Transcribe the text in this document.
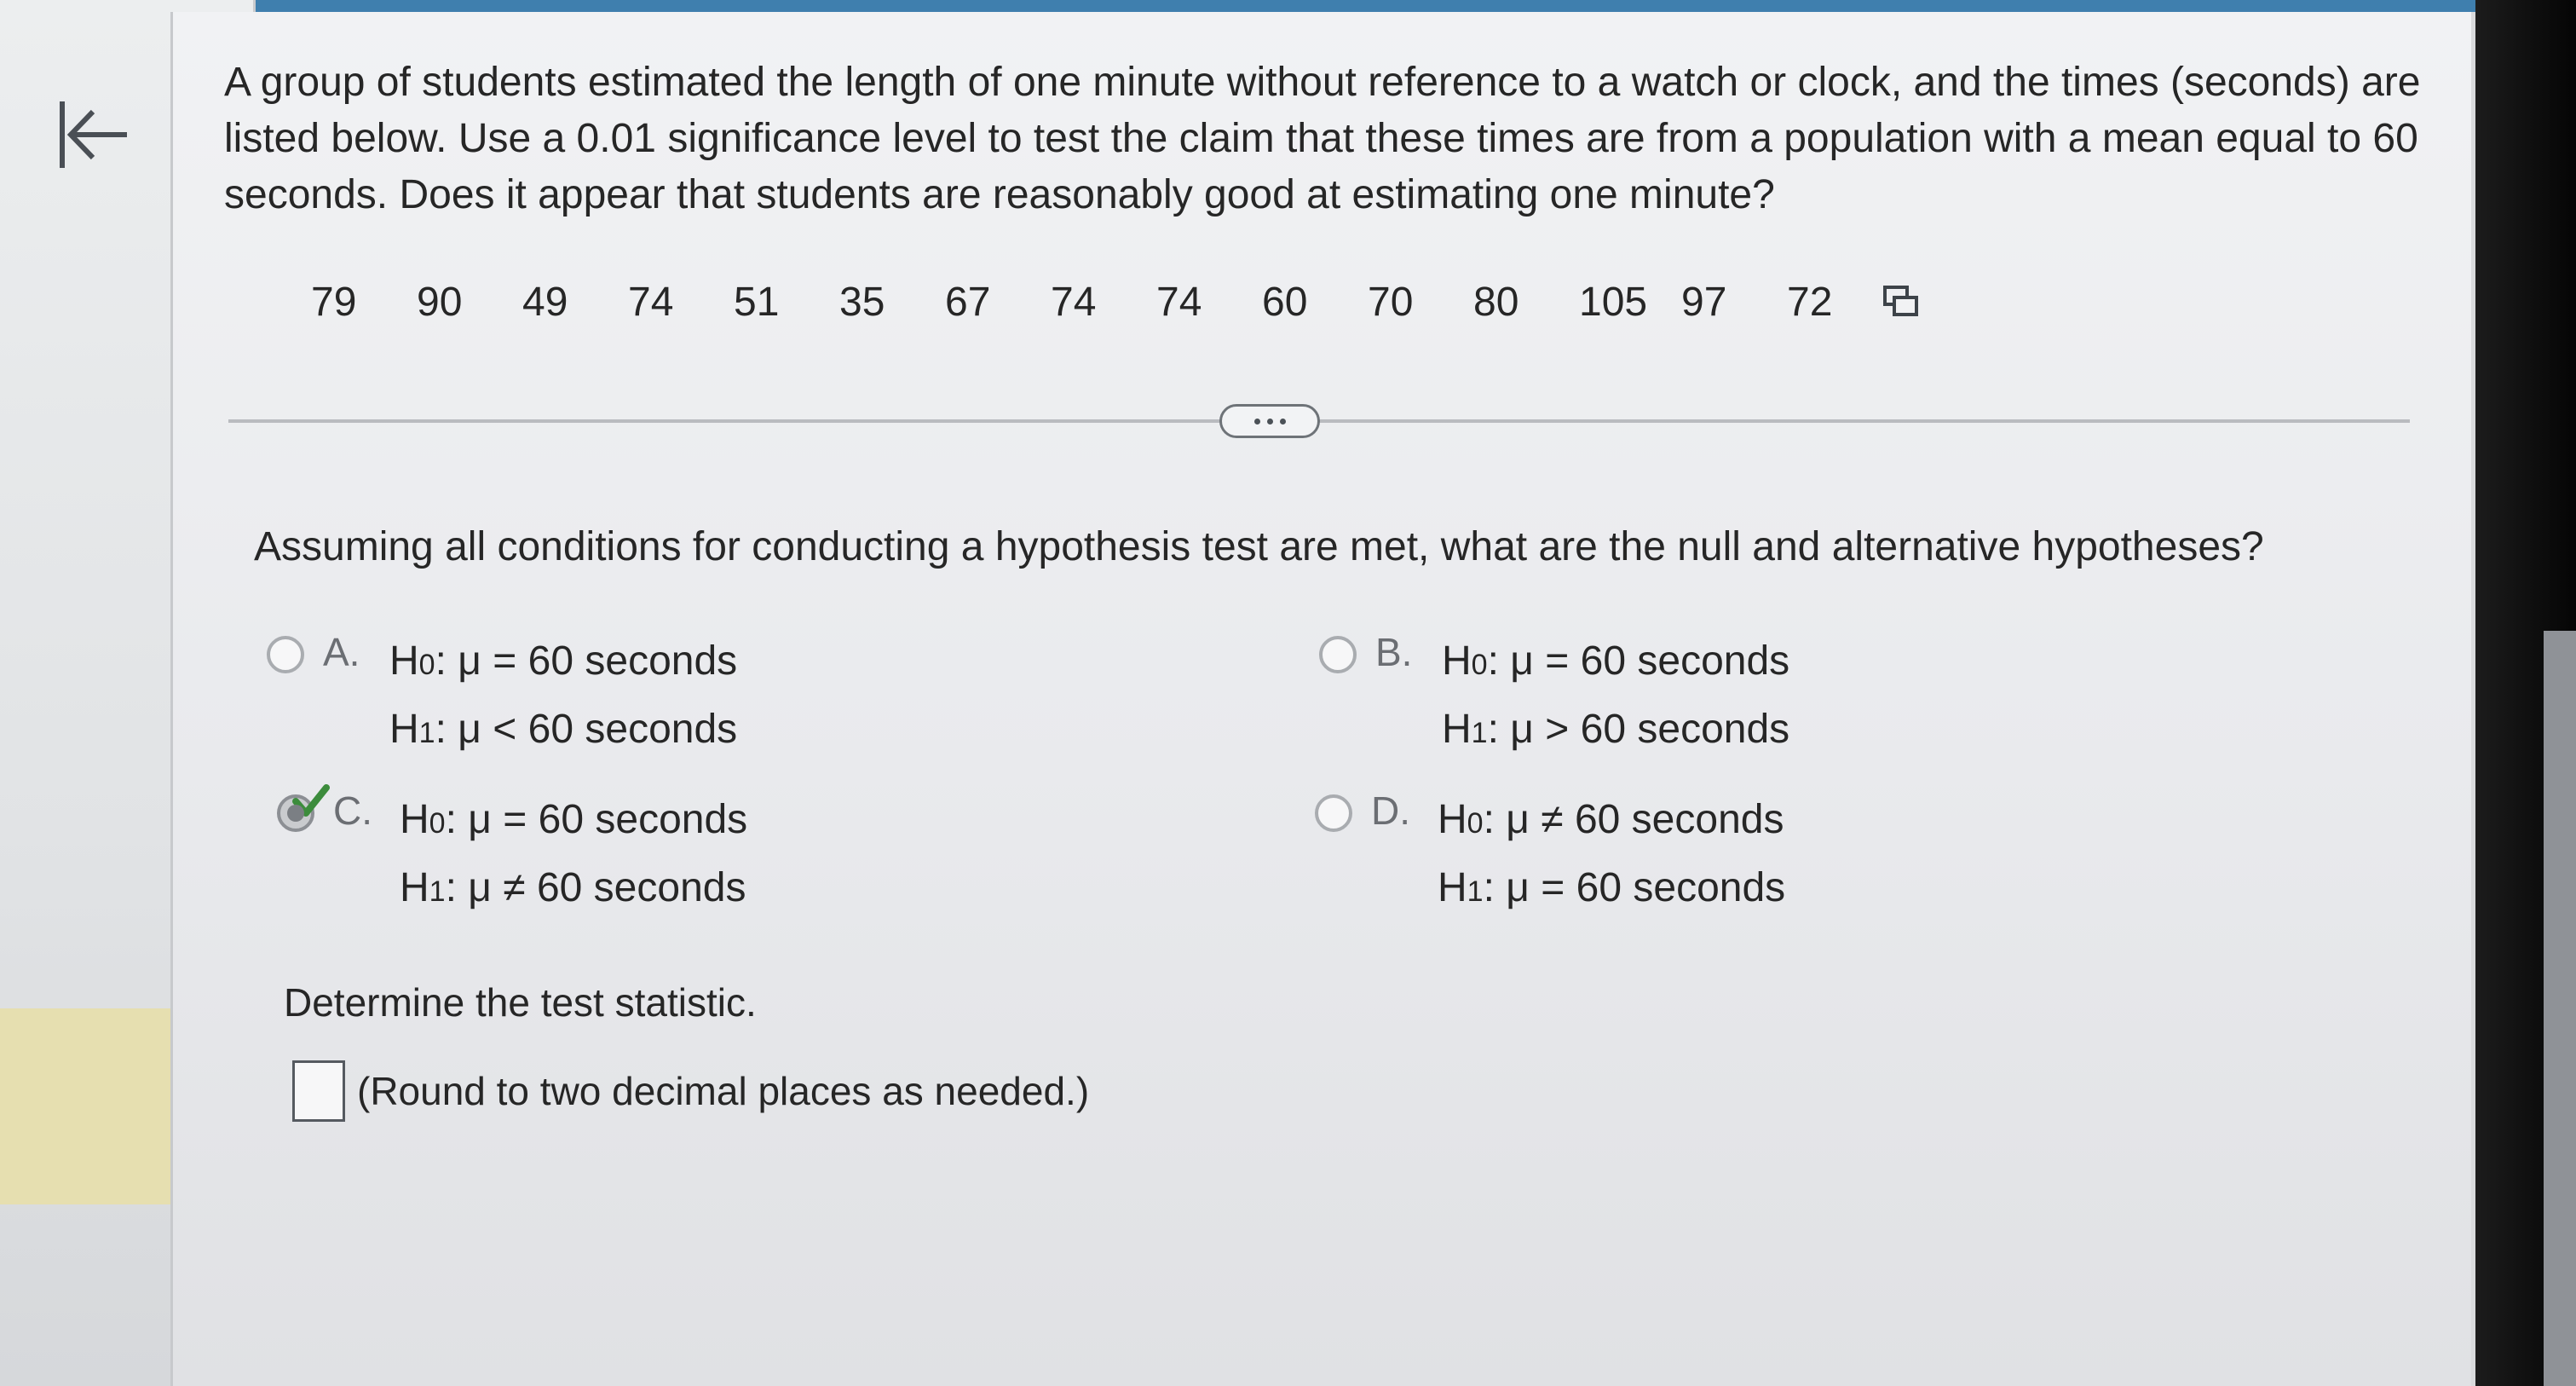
A group of students estimated the length of one minute without reference to a watch or clock, and the times (seconds) are listed below. Use a 0.01 significance level to test the claim that these times are from a population with a mean equal to 60 seconds. Does it appear that students are reasonably good at estimating one minute?

79	90	49	74	51	35	67	74	74	60	70	80	105 97	72

Assuming all conditions for conducting a hypothesis test are met, what are the null and alternative hypotheses?

A. H 0 :
μ = 60 seconds
H 1 :
μ < 60 seconds
B. H 0 :
μ = 60 seconds
H 1 :
μ > 60 seconds
C. H 0 :
μ = 60 seconds
H 1 :
μ ≠ 60 seconds
D. H 0 :
μ ≠ 60 seconds
H 1 :
μ = 60 seconds

Determine the test statistic.

(Round to two decimal places as needed.)
